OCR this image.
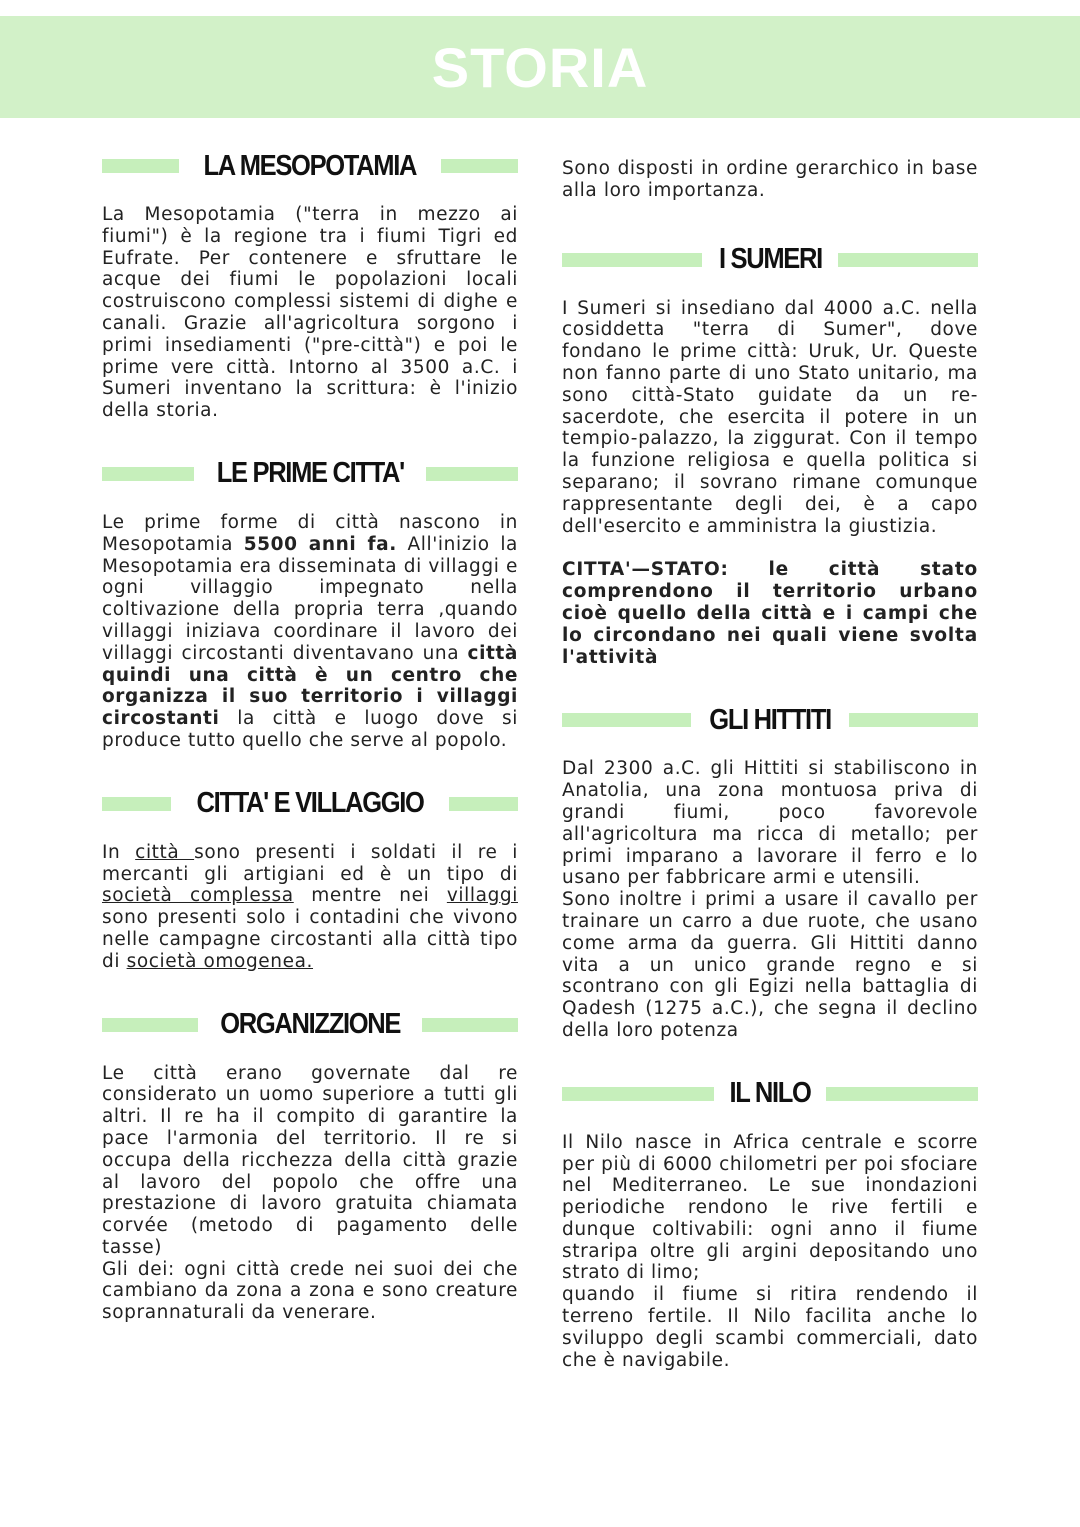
STORIA
LA MESOPOTAMIA

La Mesopotamia ("terra in mezzo ai fiumi") è la regione tra i fiumi Tigri ed Eufrate. Per contenere e sfruttare le acque dei fiumi le popolazioni locali costruiscono complessi sistemi di dighe e canali. Grazie all'agricoltura sorgono i primi insediamenti ("pre-città") e poi le prime vere città. Intorno al 3500 a.C. i Sumeri inventano la scrittura: è l'inizio della storia.

LE PRIME CITTA'

Le prime forme di città nascono in Mesopotamia 5500 anni fa. All'inizio la Mesopotamia era disseminata di villaggi e ogni villaggio impegnato nella coltivazione della propria terra ,quando villaggi iniziava coordinare il lavoro dei villaggi circostanti diventavano una città quindi una città è un centro che organizza il suo territorio i villaggi circostanti la città e luogo dove si produce tutto quello che serve al popolo.

CITTA' E VILLAGGIO

In città sono presenti i soldati il re i mercanti gli artigiani ed è un tipo di società complessa mentre nei villaggi sono presenti solo i contadini che vivono nelle campagne circostanti alla città tipo di società omogenea.

ORGANIZZIONE

Le città erano governate dal re considerato un uomo superiore a tutti gli altri. Il re ha il compito di garantire la pace l'armonia del territorio. Il re si occupa della ricchezza della città grazie al lavoro del popolo che offre una prestazione di lavoro gratuita chiamata corvée (metodo di pagamento delle tasse)

Gli dei: ogni città crede nei suoi dei che cambiano da zona a zona e sono creature soprannaturali da venerare.

Sono disposti in ordine gerarchico in base alla loro importanza.

I SUMERI

I Sumeri si insediano dal 4000 a.C. nella cosiddetta "terra di Sumer", dove fondano le prime città: Uruk, Ur. Queste non fanno parte di uno Stato unitario, ma sono città-Stato guidate da un re-sacerdote, che esercita il potere in un tempio-palazzo, la ziggurat. Con il tempo la funzione religiosa e quella politica si separano; il sovrano rimane comunque rappresentante degli dei, è a capo dell'esercito e amministra la giustizia.

CITTA'—STATO: le città stato comprendono il territorio urbano cioè quello della città e i campi che lo circondano nei quali viene svolta l'attività

GLI HITTITI

Dal 2300 a.C. gli Hittiti si stabiliscono in Anatolia, una zona montuosa priva di grandi fiumi, poco favorevole all'agricoltura ma ricca di metallo; per primi imparano a lavorare il ferro e lo usano per fabbricare armi e utensili.

Sono inoltre i primi a usare il cavallo per trainare un carro a due ruote, che usano come arma da guerra. Gli Hittiti danno vita a un unico grande regno e si scontrano con gli Egizi nella battaglia di Qadesh (1275 a.C.), che segna il declino della loro potenza

IL NILO

Il Nilo nasce in Africa centrale e scorre per più di 6000 chilometri per poi sfociare nel Mediterraneo. Le sue inondazioni periodiche rendono le rive fertili e dunque coltivabili: ogni anno il fiume straripa oltre gli argini depositando uno strato di limo;

quando il fiume si ritira rendendo il terreno fertile. Il Nilo facilita anche lo sviluppo degli scambi commerciali, dato che è navigabile.
